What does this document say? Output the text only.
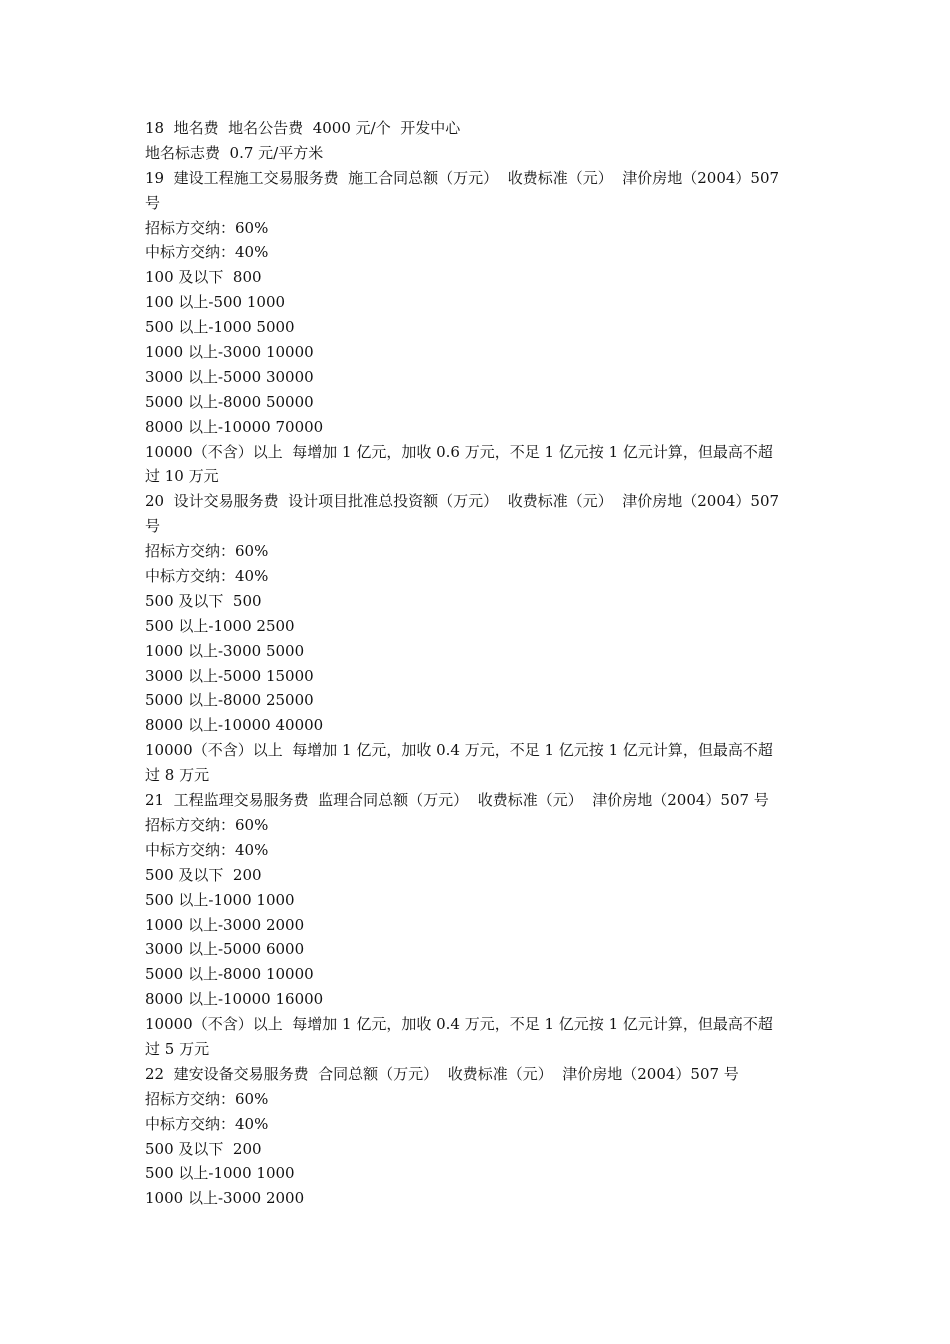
18  地名费  地名公告费  4000 元/个  开发中心
地名标志费  0.7 元/平方米
19  建设工程施工交易服务费  施工合同总额（万元）  收费标准（元）  津价房地（2004）507
号
招标方交纳：60%
中标方交纳：40%
100 及以下  800
100 以上-500 1000
500 以上-1000 5000
1000 以上-3000 10000
3000 以上-5000 30000
5000 以上-8000 50000
8000 以上-10000 70000
10000（不含）以上  每增加 1 亿元，加收 0.6 万元，不足 1 亿元按 1 亿元计算，但最高不超
过 10 万元
20  设计交易服务费  设计项目批准总投资额（万元）  收费标准（元）  津价房地（2004）507
号
招标方交纳：60%
中标方交纳：40%
500 及以下  500
500 以上-1000 2500
1000 以上-3000 5000
3000 以上-5000 15000
5000 以上-8000 25000
8000 以上-10000 40000
10000（不含）以上  每增加 1 亿元，加收 0.4 万元，不足 1 亿元按 1 亿元计算，但最高不超
过 8 万元
21  工程监理交易服务费  监理合同总额（万元）  收费标准（元）  津价房地（2004）507 号
招标方交纳：60%
中标方交纳：40%
500 及以下  200
500 以上-1000 1000
1000 以上-3000 2000
3000 以上-5000 6000
5000 以上-8000 10000
8000 以上-10000 16000
10000（不含）以上  每增加 1 亿元，加收 0.4 万元，不足 1 亿元按 1 亿元计算，但最高不超
过 5 万元
22  建安设备交易服务费  合同总额（万元）  收费标准（元）  津价房地（2004）507 号
招标方交纳：60%
中标方交纳：40%
500 及以下  200
500 以上-1000 1000
1000 以上-3000 2000
